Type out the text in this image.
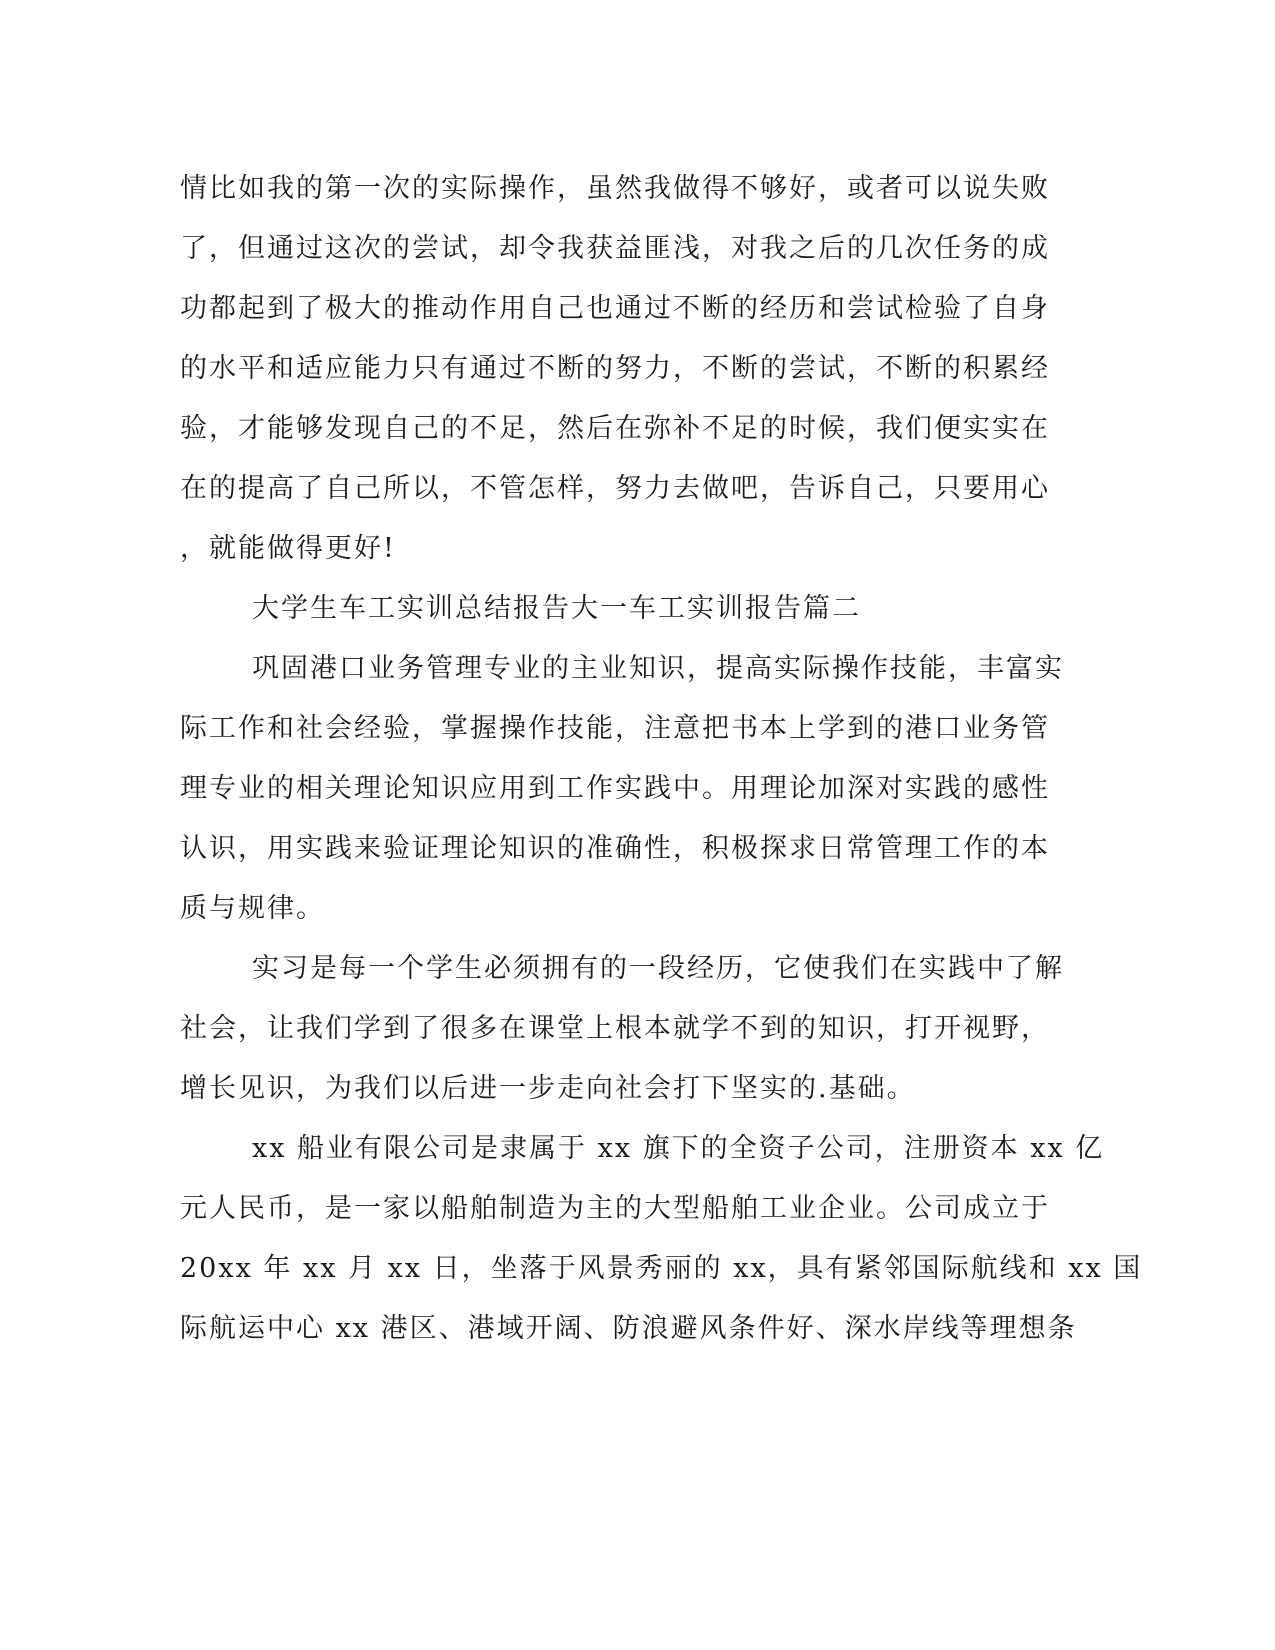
情比如我的第一次的实际操作，虽然我做得不够好，或者可以说失败
了，但通过这次的尝试，却令我获益匪浅，对我之后的几次任务的成
功都起到了极大的推动作用自己也通过不断的经历和尝试检验了自身
的水平和适应能力只有通过不断的努力，不断的尝试，不断的积累经
验，才能够发现自己的不足，然后在弥补不足的时候，我们便实实在
在的提高了自己所以，不管怎样，努力去做吧，告诉自己，只要用心
，就能做得更好!
大学生车工实训总结报告大一车工实训报告篇二
巩固港口业务管理专业的主业知识，提高实际操作技能，丰富实
际工作和社会经验，掌握操作技能，注意把书本上学到的港口业务管
理专业的相关理论知识应用到工作实践中。用理论加深对实践的感性
认识，用实践来验证理论知识的准确性，积极探求日常管理工作的本
质与规律。
实习是每一个学生必须拥有的一段经历，它使我们在实践中了解
社会，让我们学到了很多在课堂上根本就学不到的知识，打开视野，
增长见识，为我们以后进一步走向社会打下坚实的.基础。
xx 船业有限公司是隶属于 xx 旗下的全资子公司，注册资本 xx 亿
元人民币，是一家以船舶制造为主的大型船舶工业企业。公司成立于
20xx 年 xx 月 xx 日，坐落于风景秀丽的 xx，具有紧邻国际航线和 xx 国
际航运中心 xx 港区、港域开阔、防浪避风条件好、深水岸线等理想条
